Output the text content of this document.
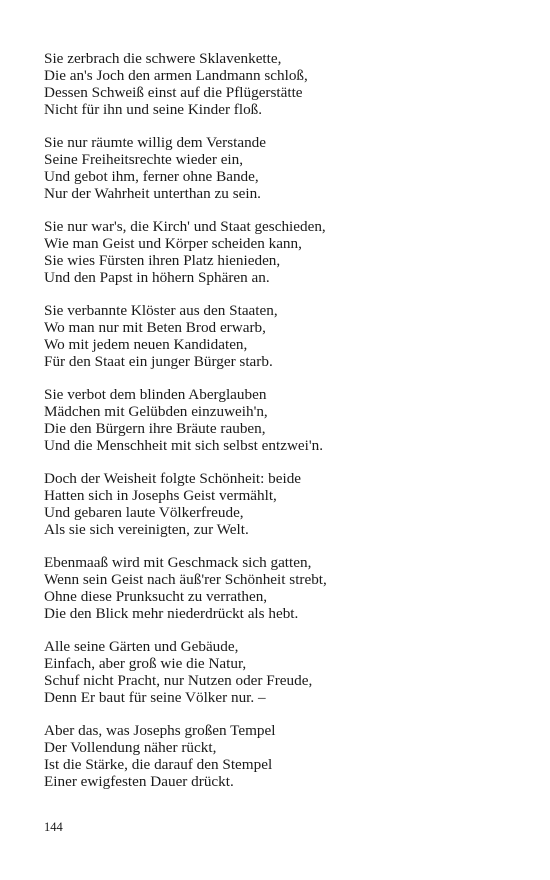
Sie zerbrach die schwere Sklavenkette,
Die an's Joch den armen Landmann schloß,
Dessen Schweiß einst auf die Pflügerstätte
Nicht für ihn und seine Kinder floß.
Sie nur räumte willig dem Verstande
Seine Freiheitsrechte wieder ein,
Und gebot ihm, ferner ohne Bande,
Nur der Wahrheit unterthan zu sein.
Sie nur war's, die Kirch' und Staat geschieden,
Wie man Geist und Körper scheiden kann,
Sie wies Fürsten ihren Platz hienieden,
Und den Papst in höhern Sphären an.
Sie verbannte Klöster aus den Staaten,
Wo man nur mit Beten Brod erwarb,
Wo mit jedem neuen Kandidaten,
Für den Staat ein junger Bürger starb.
Sie verbot dem blinden Aberglauben
Mädchen mit Gelübden einzuweih'n,
Die den Bürgern ihre Bräute rauben,
Und die Menschheit mit sich selbst entzwei'n.
Doch der Weisheit folgte Schönheit: beide
Hatten sich in Josephs Geist vermählt,
Und gebaren laute Völkerfreude,
Als sie sich vereinigten, zur Welt.
Ebenmaaß wird mit Geschmack sich gatten,
Wenn sein Geist nach äuß'rer Schönheit strebt,
Ohne diese Prunksucht zu verrathen,
Die den Blick mehr niederdrückt als hebt.
Alle seine Gärten und Gebäude,
Einfach, aber groß wie die Natur,
Schuf nicht Pracht, nur Nutzen oder Freude,
Denn Er baut für seine Völker nur. –
Aber das, was Josephs großen Tempel
Der Vollendung näher rückt,
Ist die Stärke, die darauf den Stempel
Einer ewigfesten Dauer drückt.
144
